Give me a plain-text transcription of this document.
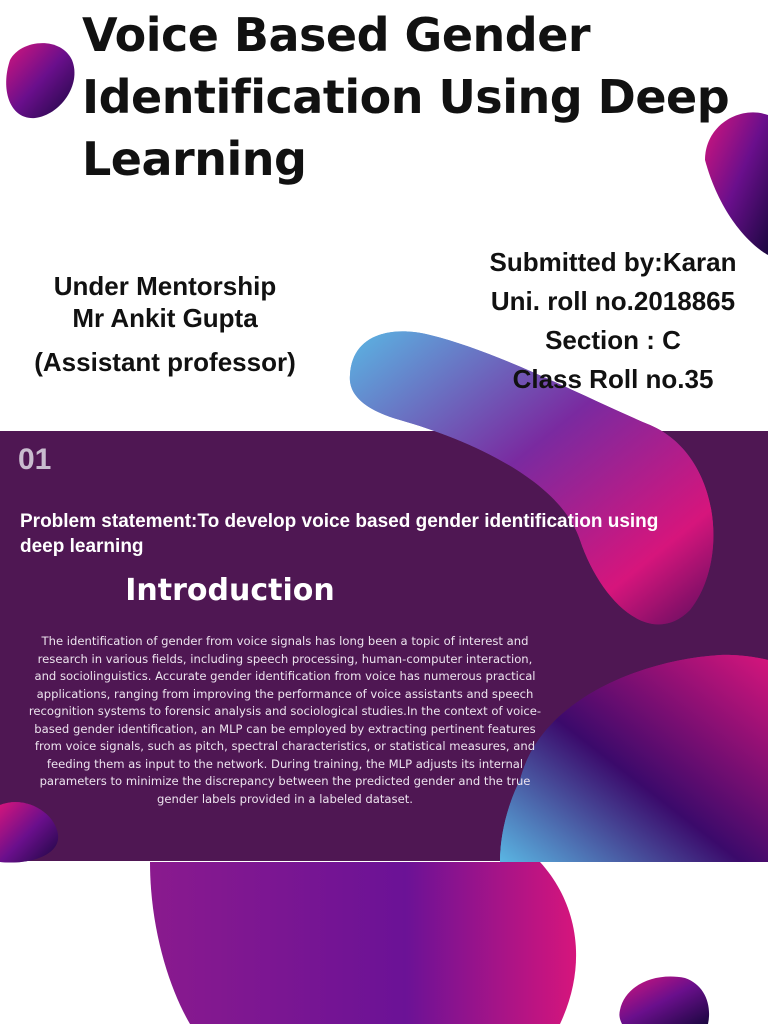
Voice Based Gender Identification Using Deep Learning
Under Mentorship
Mr Ankit Gupta
(Assistant professor)
Submitted by:Karan
Uni. roll no.2018865
Section : C
Class Roll no.35
01
Problem statement:To develop voice based gender identification using deep learning
Introduction
The identification of gender from voice signals has long been a topic of interest and research in various fields, including speech processing, human-computer interaction, and sociolinguistics. Accurate gender identification from voice has numerous practical applications, ranging from improving the performance of voice assistants and speech recognition systems to forensic analysis and sociological studies.In the context of voice-based gender identification, an MLP can be employed by extracting pertinent features from voice signals, such as pitch, spectral characteristics, or statistical measures, and feeding them as input to the network. During training, the MLP adjusts its internal parameters to minimize the discrepancy between the predicted gender and the true gender labels provided in a labeled dataset.
